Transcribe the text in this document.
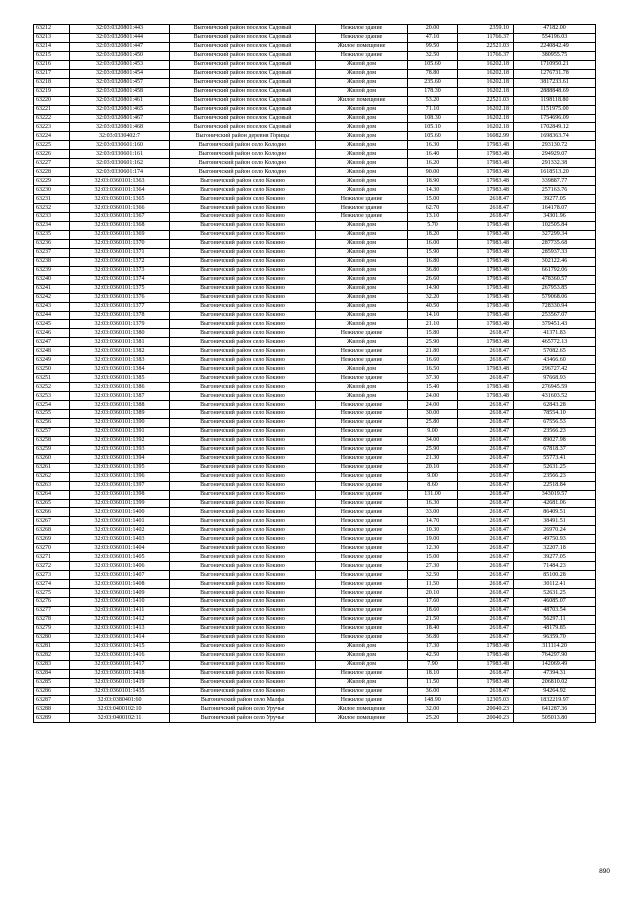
63212	32:03:0320801:443	Выгоничский район поселок Садовый	Нежилое здание	20.00	2359.10	47182.00
63213	32:03:0320801:444	Выгоничский район поселок Садовый	Нежилое здание	47.10	11766.37	554196.03
63214	32:03:0320801:447	Выгоничский район поселок Садовый	Жилое помещение	99.50	22521.03	2240842.49
63215	32:03:0320801:450	Выгоничский район поселок Садовый	Нежилое здание	32.50	11766.37	380955.75
63216	32:03:0320801:453	Выгоничский район поселок Садовый	Жилой дом	105.60	16202.18	1710950.21
63217	32:03:0320801:454	Выгоничский район поселок Садовый	Жилой дом	78.80	16202.18	1276731.78
63218	32:03:0320801:457	Выгоничский район поселок Садовый	Жилой дом	235.60	16202.18	3817233.61
63219	32:03:0320801:458	Выгоничский район поселок Садовый	Жилой дом	178.30	16202.18	2888848.69
63220	32:03:0320801:461	Выгоничский район поселок Садовый	Жилое помещение	53.20	22521.03	1198118.80
63221	32:03:0320801:465	Выгоничский район поселок Садовый	Жилой дом	71.10	16202.18	1151975.00
63222	32:03:0320801:467	Выгоничский район поселок Садовый	Жилой дом	108.30	16202.18	1754696.09
63223	32:03:0320801:468	Выгоничский район поселок Садовый	Жилой дом	105.10	16202.18	1702849.12
63224	32:03:0330402:7	Выгоничский район деревня Горицы	Жилой дом	105.60	16082.99	1698363.74
63225	32:03:0330601:160	Выгоничский район село Колодно	Жилой дом	16.30	17983.48	293130.72
63226	32:03:0330601:161	Выгоничский район село Колодно	Жилой дом	16.40	17983.48	294929.07
63227	32:03:0330601:162	Выгоничский район село Колодно	Жилой дом	16.20	17983.48	291332.38
63228	32:03:0330601:174	Выгоничский район село Колодно	Жилой дом	90.00	17983.48	1618513.20
63229	32:03:0360101:1363	Выгоничский район село Кокино	Жилой дом	18.90	17983.48	339887.77
63230	32:03:0360101:1364	Выгоничский район село Кокино	Жилой дом	14.30	17983.48	257163.76
63231	32:03:0360101:1365	Выгоничский район село Кокино	Нежилое здание	15.00	2618.47	39277.05
63232	32:03:0360101:1366	Выгоничский район село Кокино	Нежилое здание	62.70	2618.47	164178.07
63233	32:03:0360101:1367	Выгоничский район село Кокино	Нежилое здание	13.10	2618.47	34301.96
63234	32:03:0360101:1368	Выгоничский район село Кокино	Жилой дом	5.70	17983.48	102505.84
63235	32:03:0360101:1369	Выгоничский район село Кокино	Жилой дом	18.20	17983.48	327299.34
63236	32:03:0360101:1370	Выгоничский район село Кокино	Жилой дом	16.00	17983.48	287735.68
63237	32:03:0360101:1371	Выгоничский район село Кокино	Жилой дом	15.90	17983.48	285937.33
63238	32:03:0360101:1372	Выгоничский район село Кокино	Жилой дом	16.80	17983.48	302122.46
63239	32:03:0360101:1373	Выгоничский район село Кокино	Жилой дом	36.80	17983.48	661792.06
63240	32:03:0360101:1374	Выгоничский район село Кокино	Жилой дом	26.60	17983.48	478360.57
63241	32:03:0360101:1375	Выгоничский район село Кокино	Жилой дом	14.90	17983.48	267953.85
63242	32:03:0360101:1376	Выгоничский район село Кокино	Жилой дом	32.20	17983.48	579068.06
63243	32:03:0360101:1377	Выгоничский район село Кокино	Жилой дом	40.50	17983.48	728330.94
63244	32:03:0360101:1378	Выгоничский район село Кокино	Жилой дом	14.10	17983.48	253567.07
63245	32:03:0360101:1379	Выгоничский район село Кокино	Жилой дом	21.10	17983.48	379451.43
63246	32:03:0360101:1380	Выгоничский район село Кокино	Нежилое здание	15.80	2618.47	41371.83
63247	32:03:0360101:1381	Выгоничский район село Кокино	Жилой дом	25.90	17983.48	465772.13
63248	32:03:0360101:1382	Выгоничский район село Кокино	Нежилое здание	21.80	2618.47	57082.65
63249	32:03:0360101:1383	Выгоничский район село Кокино	Нежилое здание	16.60	2618.47	43466.60
63250	32:03:0360101:1384	Выгоничский район село Кокино	Жилой дом	16.50	17983.48	296727.42
63251	32:03:0360101:1385	Выгоничский район село Кокино	Нежилое здание	37.30	2618.47	97668.93
63252	32:03:0360101:1386	Выгоничский район село Кокино	Жилой дом	15.40	17983.48	276945.59
63253	32:03:0360101:1387	Выгоничский район село Кокино	Жилой дом	24.00	17983.48	431603.52
63254	32:03:0360101:1388	Выгоничский район село Кокино	Нежилое здание	24.00	2618.47	62843.28
63255	32:03:0360101:1389	Выгоничский район село Кокино	Нежилое здание	30.00	2618.47	78554.10
63256	32:03:0360101:1390	Выгоничский район село Кокино	Нежилое здание	25.80	2618.47	67556.53
63257	32:03:0360101:1391	Выгоничский район село Кокино	Нежилое здание	9.00	2618.47	23566.23
63258	32:03:0360101:1392	Выгоничский район село Кокино	Нежилое здание	34.00	2618.47	89027.98
63259	32:03:0360101:1393	Выгоничский район село Кокино	Нежилое здание	25.90	2618.47	67818.37
63260	32:03:0360101:1394	Выгоничский район село Кокино	Нежилое здание	21.30	2618.47	55773.41
63261	32:03:0360101:1395	Выгоничский район село Кокино	Нежилое здание	20.10	2618.47	52631.25
63262	32:03:0360101:1396	Выгоничский район село Кокино	Нежилое здание	9.00	2618.47	23566.23
63263	32:03:0360101:1397	Выгоничский район село Кокино	Нежилое здание	8.60	2618.47	22518.84
63264	32:03:0360101:1398	Выгоничский район село Кокино	Нежилое здание	131.00	2618.47	343019.57
63265	32:03:0360101:1399	Выгоничский район село Кокино	Нежилое здание	16.30	2618.47	42681.06
63266	32:03:0360101:1400	Выгоничский район село Кокино	Нежилое здание	33.00	2618.47	86409.51
63267	32:03:0360101:1401	Выгоничский район село Кокино	Нежилое здание	14.70	2618.47	38491.51
63268	32:03:0360101:1402	Выгоничский район село Кокино	Нежилое здание	10.30	2618.47	26970.24
63269	32:03:0360101:1403	Выгоничский район село Кокино	Нежилое здание	19.00	2618.47	49750.93
63270	32:03:0360101:1404	Выгоничский район село Кокино	Нежилое здание	12.30	2618.47	32207.18
63271	32:03:0360101:1405	Выгоничский район село Кокино	Нежилое здание	15.00	2618.47	39277.05
63272	32:03:0360101:1406	Выгоничский район село Кокино	Нежилое здание	27.30	2618.47	71484.23
63273	32:03:0360101:1407	Выгоничский район село Кокино	Нежилое здание	32.50	2618.47	85100.28
63274	32:03:0360101:1408	Выгоничский район село Кокино	Нежилое здание	11.50	2618.47	30112.41
63275	32:03:0360101:1409	Выгоничский район село Кокино	Нежилое здание	20.10	2618.47	52631.25
63276	32:03:0360101:1410	Выгоничский район село Кокино	Нежилое здание	17.60	2618.47	46085.07
63277	32:03:0360101:1411	Выгоничский район село Кокино	Нежилое здание	18.60	2618.47	48703.54
63278	32:03:0360101:1412	Выгоничский район село Кокино	Нежилое здание	21.50	2618.47	56297.11
63279	32:03:0360101:1413	Выгоничский район село Кокино	Нежилое здание	18.40	2618.47	48179.85
63280	32:03:0360101:1414	Выгоничский район село Кокино	Нежилое здание	36.80	2618.47	96359.70
63281	32:03:0360101:1415	Выгоничский район село Кокино	Жилой дом	17.30	17983.48	311114.20
63282	32:03:0360101:1416	Выгоничский район село Кокино	Жилой дом	42.50	17983.48	764297.90
63283	32:03:0360101:1417	Выгоничский район село Кокино	Жилой дом	7.90	17983.48	142069.49
63284	32:03:0360101:1418	Выгоничский район село Кокино	Нежилое здание	18.10	2618.47	47394.31
63285	32:03:0360101:1419	Выгоничский район село Кокино	Жилой дом	11.50	17983.48	206810.02
63286	32:03:0360101:1435	Выгоничский район село Кокино	Нежилое здание	36.00	2618.47	94264.92
63287	32:03:0380401:60	Выгоничский район село Малфа	Нежилое здание	148.90	12305.03	1832219.97
63288	32:03:0400102:10	Выгоничский район село Уручье	Жилое помещение	32.00	20040.23	641287.36
63289	32:03:0400102:11	Выгоничский район село Уручье	Жилое помещение	25.20	20040.23	505013.80
890
